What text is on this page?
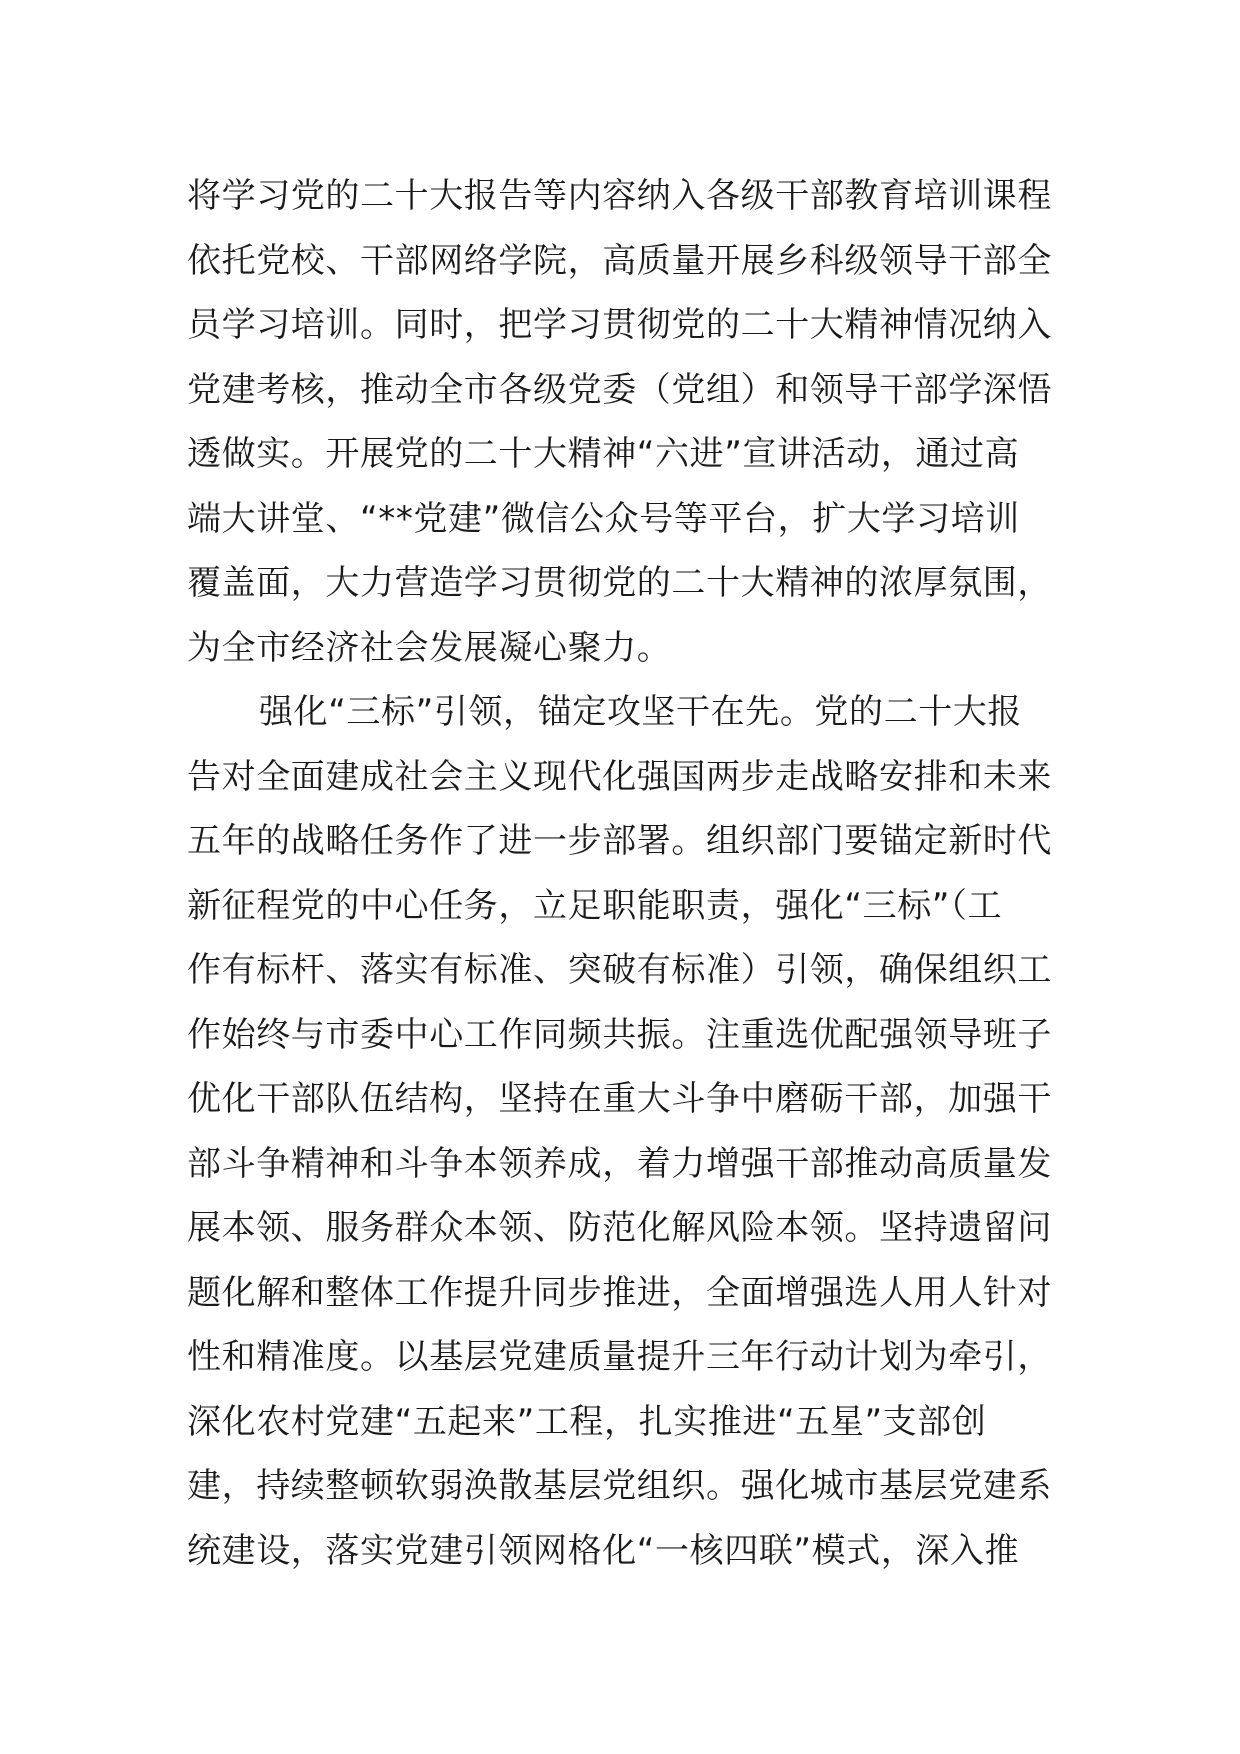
将学习党的二十大报告等内容纳入各级干部教育培训课程
依托党校、干部网络学院，高质量开展乡科级领导干部全
员学习培训。同时，把学习贯彻党的二十大精神情况纳入
党建考核，推动全市各级党委（党组）和领导干部学深悟
透做实。开展党的二十大精神“六进”宣讲活动，通过高
端大讲堂、“**党建”微信公众号等平台，扩大学习培训
覆盖面，大力营造学习贯彻党的二十大精神的浓厚氛围，
为全市经济社会发展凝心聚力。
强化“三标”引领，锚定攻坚干在先。党的二十大报
告对全面建成社会主义现代化强国两步走战略安排和未来
五年的战略任务作了进一步部署。组织部门要锚定新时代
新征程党的中心任务，立足职能职责，强化“三标”（工
作有标杆、落实有标准、突破有标准）引领，确保组织工
作始终与市委中心工作同频共振。注重选优配强领导班子
优化干部队伍结构，坚持在重大斗争中磨砺干部，加强干
部斗争精神和斗争本领养成，着力增强干部推动高质量发
展本领、服务群众本领、防范化解风险本领。坚持遗留问
题化解和整体工作提升同步推进，全面增强选人用人针对
性和精准度。以基层党建质量提升三年行动计划为牵引，
深化农村党建“五起来”工程，扎实推进“五星”支部创
建，持续整顿软弱涣散基层党组织。强化城市基层党建系
统建设，落实党建引领网格化“一核四联”模式，深入推
